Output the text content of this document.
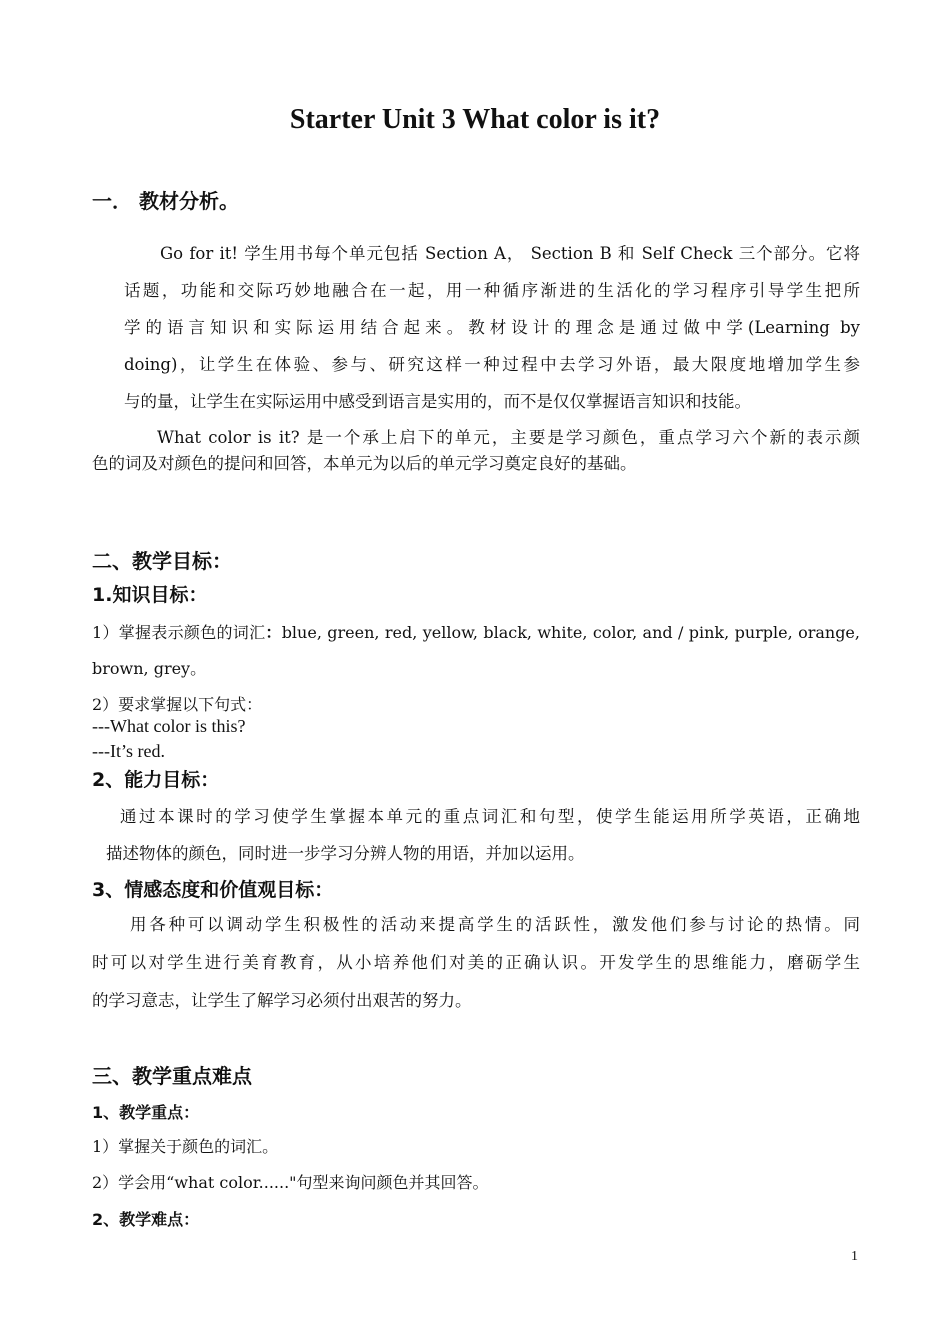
Starter Unit 3 What color is it?
一． 教材分析。
Go for it! 学生用书每个单元包括 Section A， Section B 和 Self Check 三个部分。它将
话题，功能和交际巧妙地融合在一起，用一种循序渐进的生活化的学习程序引导学生把所
学的语言知识和实际运用结合起来。教材设计的理念是通过做中学(Learning by
doing)，让学生在体验、参与、研究这样一种过程中去学习外语，最大限度地增加学生参
与的量，让学生在实际运用中感受到语言是实用的，而不是仅仅掌握语言知识和技能。
What color is it? 是一个承上启下的单元，主要是学习颜色，重点学习六个新的表示颜
色的词及对颜色的提问和回答，本单元为以后的单元学习奠定良好的基础。
二、教学目标：
1.知识目标：
1）掌握表示颜色的词汇：blue, green, red, yellow, black, white, color, and / pink, purple, orange,
brown, grey。
2）要求掌握以下句式：
---What color is this?
---It’s red.
2、能力目标：
通过本课时的学习使学生掌握本单元的重点词汇和句型，使学生能运用所学英语，正确地
描述物体的颜色，同时进一步学习分辨人物的用语，并加以运用。
3、情感态度和价值观目标：
用各种可以调动学生积极性的活动来提高学生的活跃性，激发他们参与讨论的热情。同
时可以对学生进行美育教育，从小培养他们对美的正确认识。开发学生的思维能力，磨砺学生
的学习意志，让学生了解学习必须付出艰苦的努力。
三、教学重点难点
1、教学重点：
1）掌握关于颜色的词汇。
2）学会用“what color......"句型来询问颜色并其回答。
2、教学难点：
1
